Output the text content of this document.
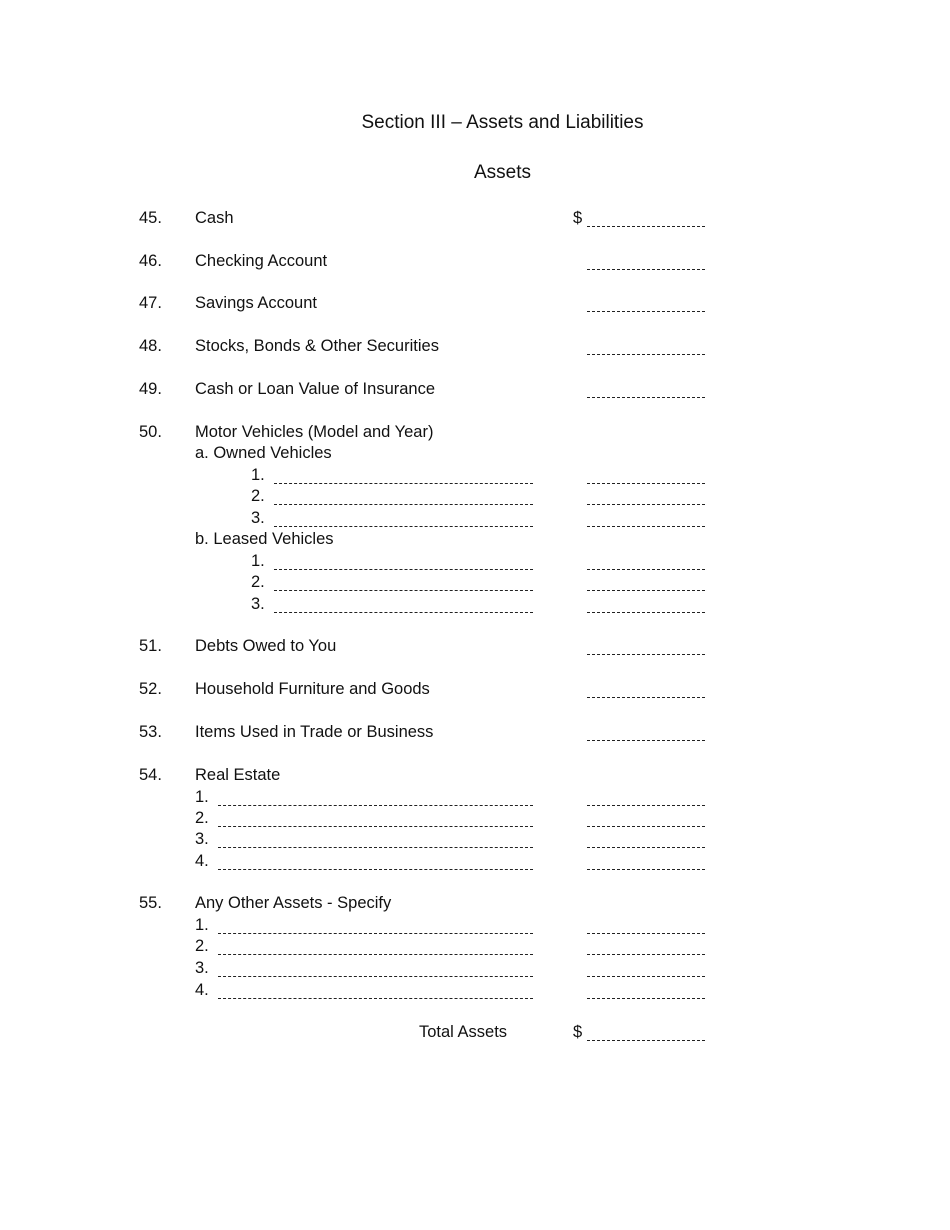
Section III – Assets and Liabilities
Assets
45. Cash	$
46. Checking Account
47. Savings Account
48. Stocks, Bonds & Other Securities
49. Cash or Loan Value of Insurance
50. Motor Vehicles (Model and Year)
a. Owned Vehicles
1.
2.
3.
b. Leased Vehicles
1.
2.
3.
51. Debts Owed to You
52. Household Furniture and Goods
53. Items Used in Trade or Business
54. Real Estate
1.
2.
3.
4.
55. Any Other Assets - Specify
1.
2.
3.
4.
Total Assets	$
